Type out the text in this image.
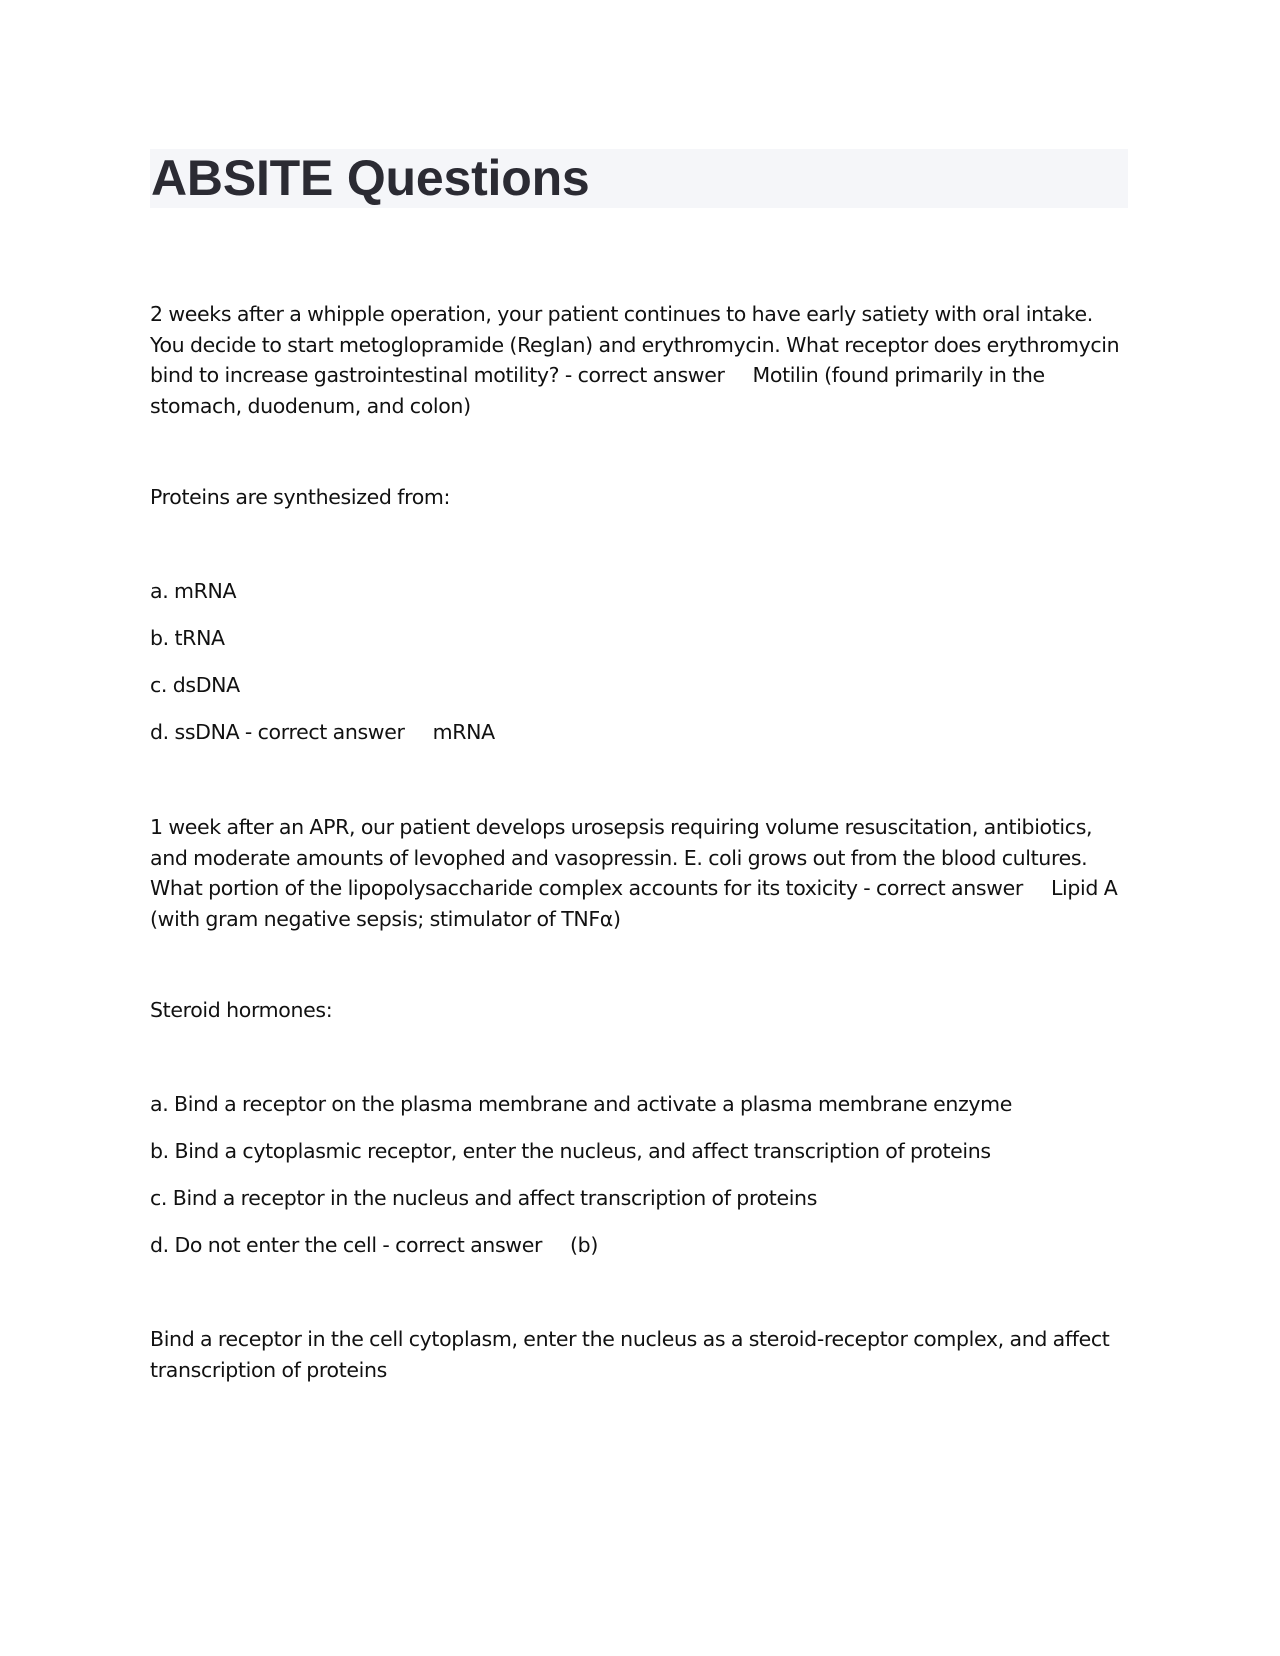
ABSITE Questions

2 weeks after a whipple operation, your patient continues to have early satiety with oral intake. You decide to start metoglopramide (Reglan) and erythromycin. What receptor does erythromycin bind to increase gastrointestinal motility? - correct answer Motilin (found primarily in the stomach, duodenum, and colon)

Proteins are synthesized from:

a. mRNA

b. tRNA

c. dsDNA

d. ssDNA - correct answer mRNA

1 week after an APR, our patient develops urosepsis requiring volume resuscitation, antibiotics, and moderate amounts of levophed and vasopressin. E. coli grows out from the blood cultures. What portion of the lipopolysaccharide complex accounts for its toxicity - correct answer Lipid A (with gram negative sepsis; stimulator of TNFα)

Steroid hormones:

a. Bind a receptor on the plasma membrane and activate a plasma membrane enzyme

b. Bind a cytoplasmic receptor, enter the nucleus, and affect transcription of proteins

c. Bind a receptor in the nucleus and affect transcription of proteins

d. Do not enter the cell - correct answer (b)

Bind a receptor in the cell cytoplasm, enter the nucleus as a steroid-receptor complex, and affect transcription of proteins
